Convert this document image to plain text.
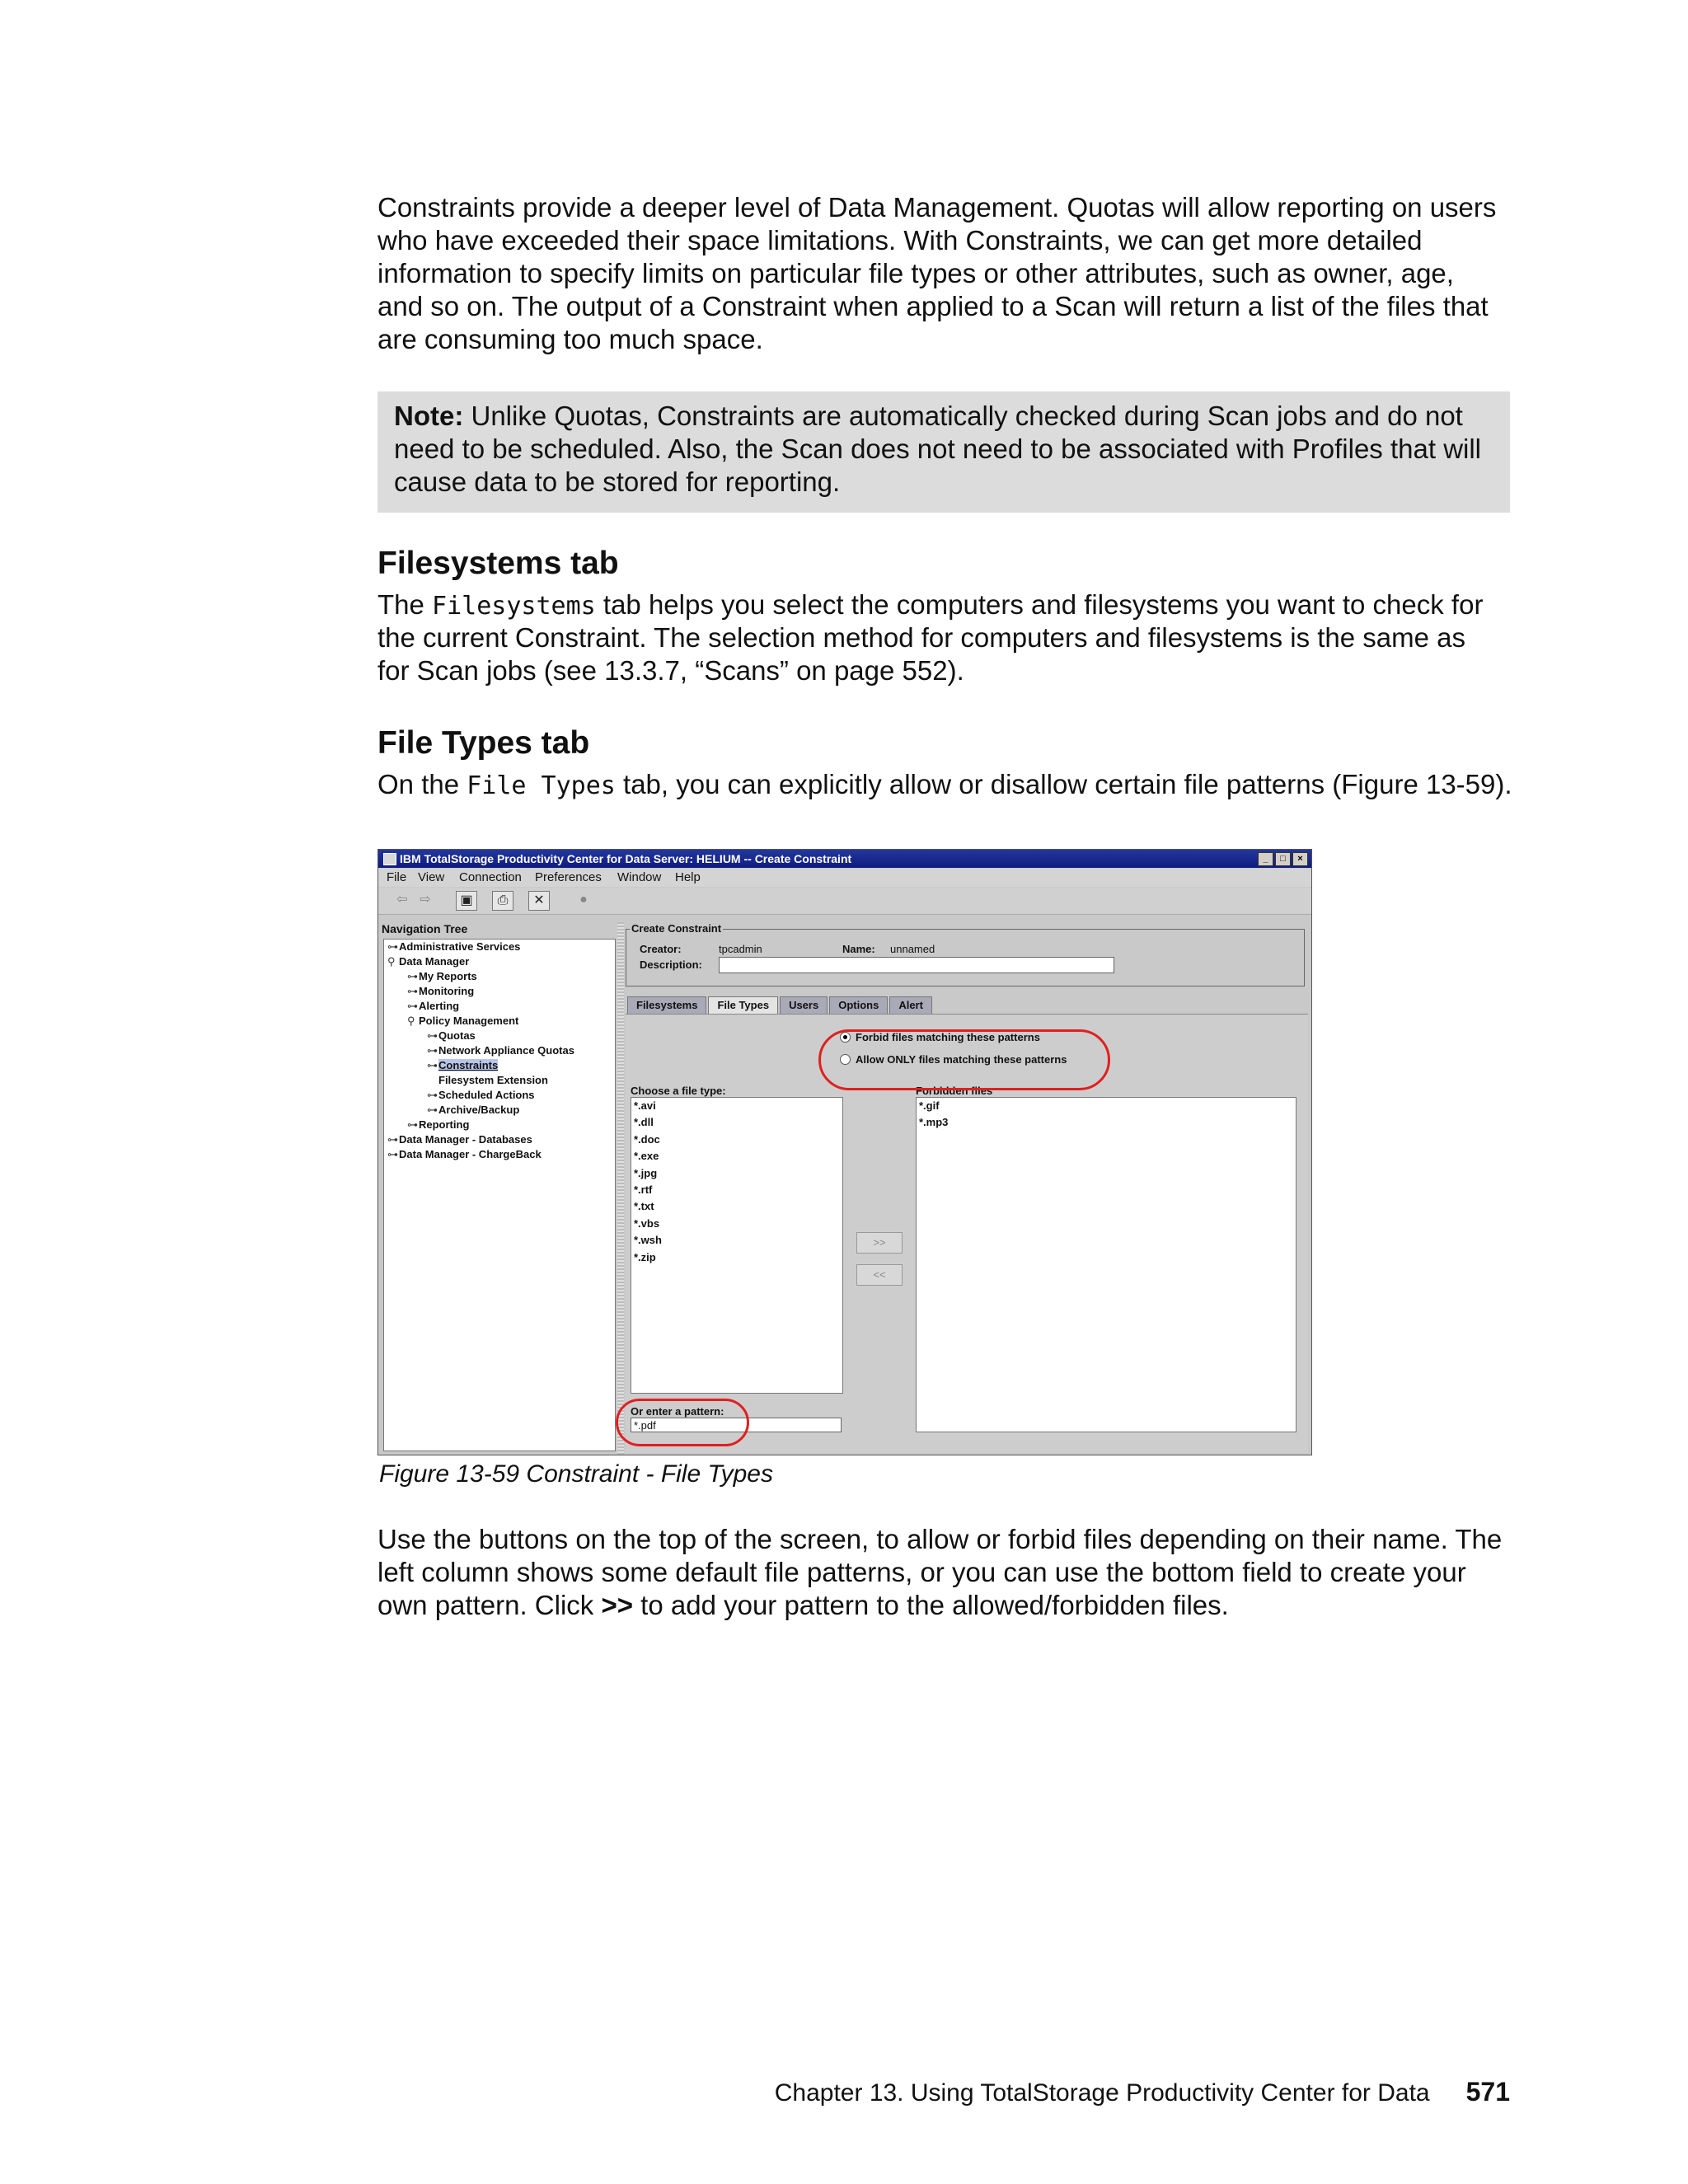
Constraints provide a deeper level of Data Management. Quotas will allow reporting on users

who have exceeded their space limitations. With Constraints, we can get more detailed

information to specify limits on particular file types or other attributes, such as owner, age,

and so on. The output of a Constraint when applied to a Scan will return a list of the files that

are consuming too much space.

Note: Unlike Quotas, Constraints are automatically checked during Scan jobs and do not
need to be scheduled. Also, the Scan does not need to be associated with Profiles that will
cause data to be stored for reporting.
Filesystems tab

The Filesystems tab helps you select the computers and filesystems you want to check for

the current Constraint. The selection method for computers and filesystems is the same as

for Scan jobs (see 13.3.7, “Scans” on page 552).

File Types tab

On the File Types tab, you can explicitly allow or disallow certain file patterns (Figure 13-59).

IBM TotalStorage Productivity Center for Data Server: HELIUM -- Create Constraint	_	□	×
File View Connection Preferences Window Help
⇦ ⇨	▣	⎙	✕	●
Navigation Tree
⊶Administrative Services
⚲ Data Manager
⊶My Reports
⊶Monitoring
⊶Alerting
⚲ Policy Management
⊶Quotas
⊶Network Appliance Quotas
⊶Constraints
Filesystem Extension
⊶Scheduled Actions
⊶Archive/Backup
⊶Reporting
⊶Data Manager - Databases
⊶Data Manager - ChargeBack
Create Constraint
Creator:	tpcadmin	Name: unnamed
Description:
Filesystems	File Types	Users	Options	Alert
Forbid files matching these patterns
Allow ONLY files matching these patterns
Choose a file type:
*.avi
*.dll
*.doc
*.exe
*.jpg
*.rtf
*.txt
*.vbs
*.wsh
*.zip
Forbidden files
*.gif
*.mp3
>>
<<
Or enter a pattern:
*.pdf
Figure 13-59 Constraint - File Types

Use the buttons on the top of the screen, to allow or forbid files depending on their name. The

left column shows some default file patterns, or you can use the bottom field to create your

own pattern. Click >> to add your pattern to the allowed/forbidden files.

Chapter 13. Using TotalStorage Productivity Center for Data 571
